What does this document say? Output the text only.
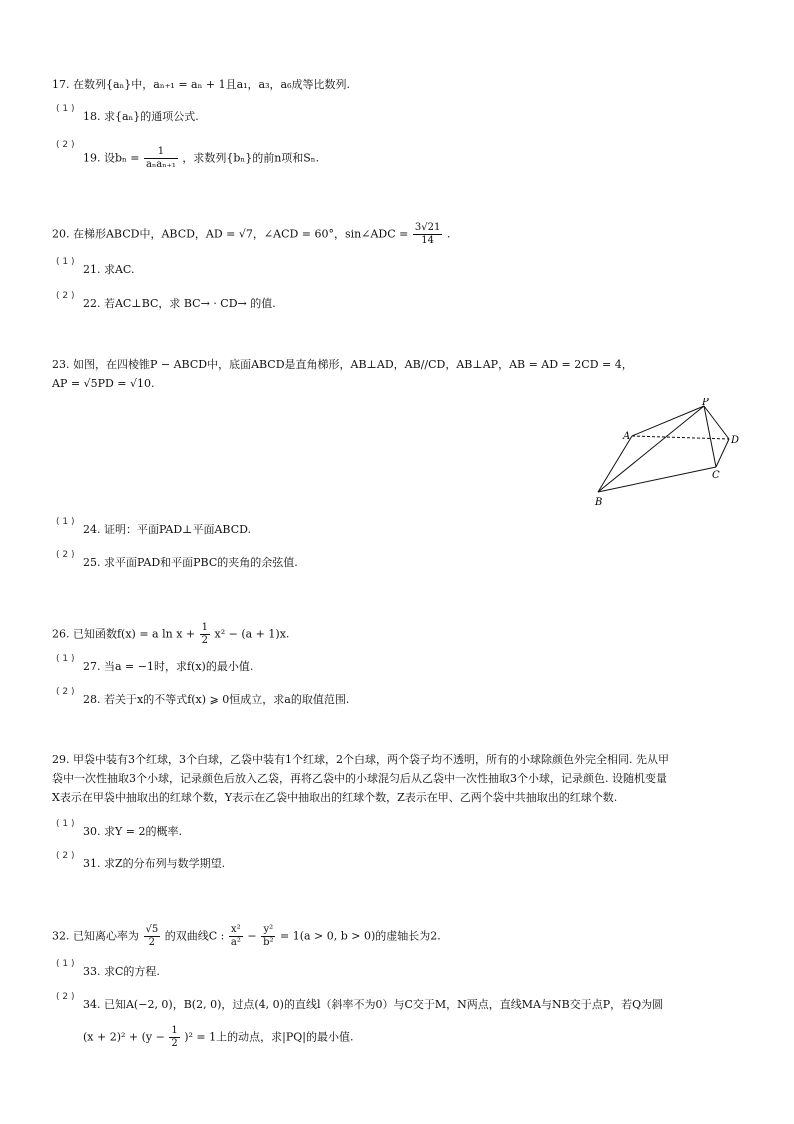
17. 在数列{aₙ}中，aₙ₊₁ = aₙ + 1且a₁，a₃，a₆成等比数列.
( 1 )
18. 求{aₙ}的通项公式.
( 2 )
19. 设$b_n = \frac{1}{\text{aₙaₙ₊₁}}$ ，求数列{bₙ}的前n项和Sₙ.
20. 在梯形ABCD中，ABCD，AD = √7，∠ACD = 60°，sin∠ADC = $\frac{3√21}{14}$ .
( 1 )
21. 求AC.
( 2 )
22. 若AC⊥BC，求 BC→ · CD→ 的值.
23. 如图，在四棱锥P − ABCD中，底面ABCD是直角梯形，AB⊥AD，AB//CD，AB⊥AP，AB = AD = 2CD = 4，
AP = √5PD = √10.
P
A	D
C
B
( 1 )
24. 证明：平面PAD⊥平面ABCD.
( 2 )
25. 求平面PAD和平面PBC的夹角的余弦值.
26. 已知函数f(x) = a $\ln x + \frac{1}{2} x^2 - (a + 1)x$.
( 1 )
27. 当a = −1时，求f(x)的最小值.
( 2 )
28. 若关于x的不等式f(x) ⩾ 0恒成立，求a的取值范围.
29. 甲袋中装有3个红球，3个白球，乙袋中装有1个红球，2个白球，两个袋子均不透明，所有的小球除颜色外完全相同. 先从甲
袋中一次性抽取3个小球，记录颜色后放入乙袋，再将乙袋中的小球混匀后从乙袋中一次性抽取3个小球，记录颜色. 设随机变量
X表示在甲袋中抽取出的红球个数，Y表示在乙袋中抽取出的红球个数，Z表示在甲、乙两个袋中共抽取出的红球个数.
( 1 )
30. 求Y = 2的概率.
( 2 )
31. 求Z的分布列与数学期望.
32. 已知离心率为 $\frac{√5}{2}$ 的双曲线C : $\frac{\text{x²}}{\text{a²}} - \frac{\text{y²}}{\text{b²}} = 1(a > 0$, b > 0)的虚轴长为2.
( 1 )
33. 求C的方程.
( 2 )
34. 已知A(−2, 0)，B(2, 0)，过点(4, 0)的直线l（斜率不为0）与C交于M，N两点，直线MA与NB交于点P，若Q为圆
$(x + 2)^2 + (y - \frac{1}{2} )^2 = 1$上的动点，求|PQ|的最小值.
